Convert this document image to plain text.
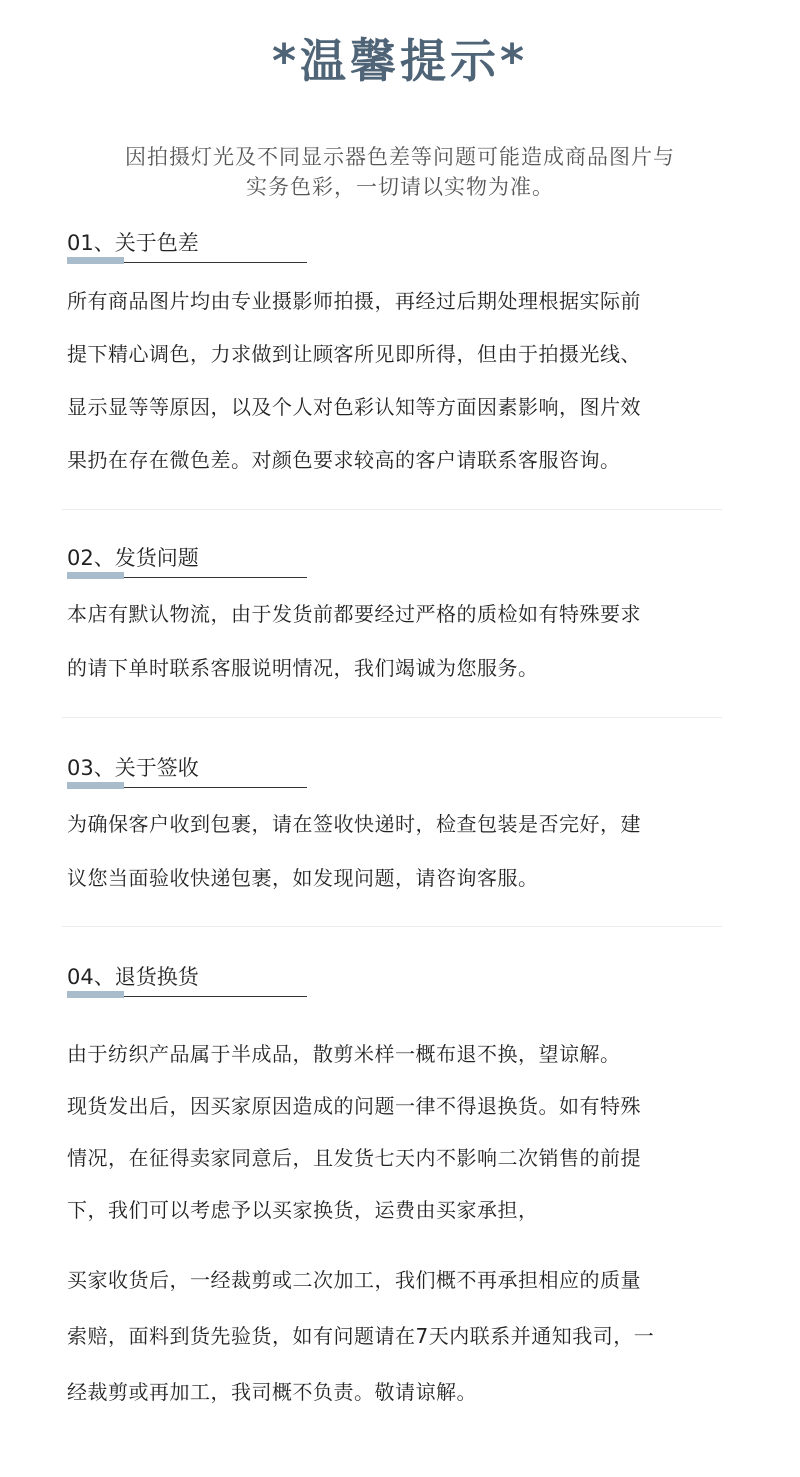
*温馨提示*
因拍摄灯光及不同显示器色差等问题可能造成商品图片与
实务色彩，一切请以实物为准。
01、关于色差
所有商品图片均由专业摄影师拍摄，再经过后期处理根据实际前
提下精心调色，力求做到让顾客所见即所得，但由于拍摄光线、
显示显等等原因，以及个人对色彩认知等方面因素影响，图片效
果扔在存在微色差。对颜色要求较高的客户请联系客服咨询。
02、发货问题
本店有默认物流，由于发货前都要经过严格的质检如有特殊要求
的请下单时联系客服说明情况，我们竭诚为您服务。
03、关于签收
为确保客户收到包裹，请在签收快递时，检查包装是否完好，建
议您当面验收快递包裹，如发现问题，请咨询客服。
04、退货换货
由于纺织产品属于半成品，散剪米样一概布退不换，望谅解。
现货发出后，因买家原因造成的问题一律不得退换货。如有特殊
情况，在征得卖家同意后，且发货七天内不影响二次销售的前提
下，我们可以考虑予以买家换货，运费由买家承担，
买家收货后，一经裁剪或二次加工，我们概不再承担相应的质量
索赔，面料到货先验货，如有问题请在7天内联系并通知我司，一
经裁剪或再加工，我司概不负责。敬请谅解。
